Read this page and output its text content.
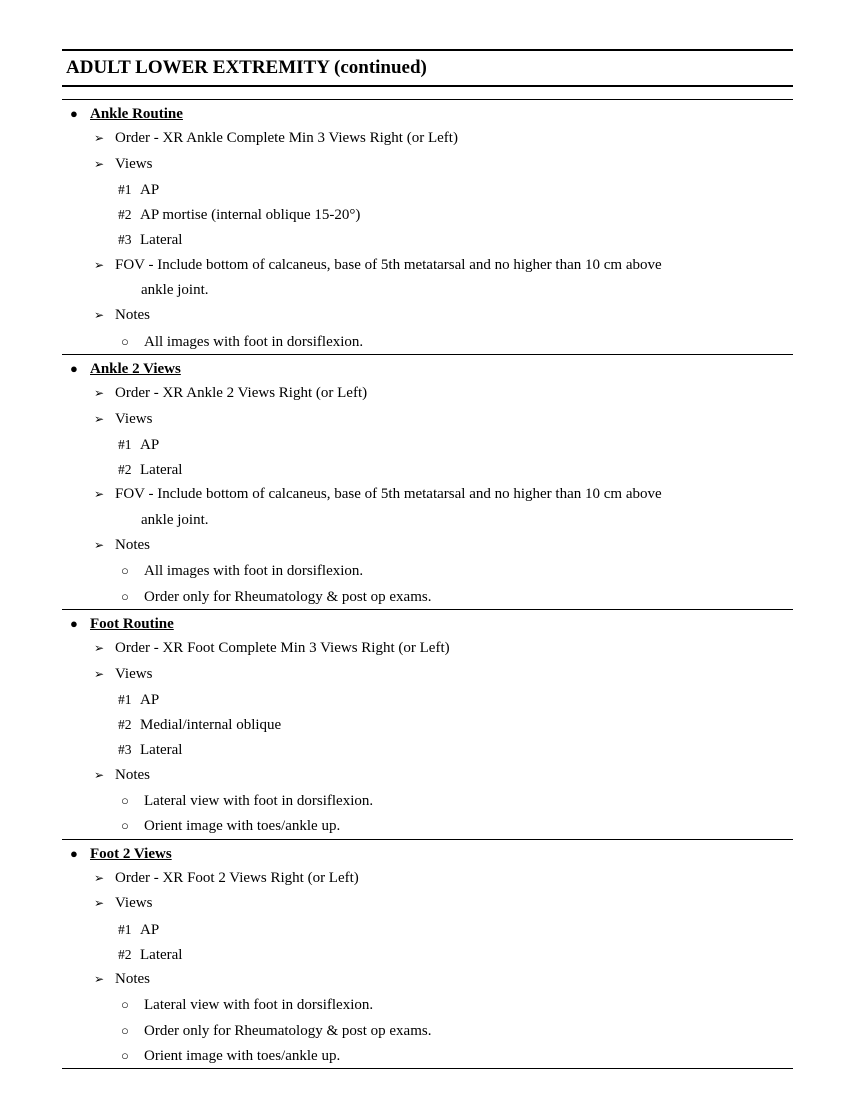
ADULT LOWER EXTREMITY (continued)
● Ankle Routine
➢ Order - XR Ankle Complete Min 3 Views Right (or Left)
➢ Views
#1 AP
#2 AP mortise (internal oblique 15-20°)
#3 Lateral
➢ FOV - Include bottom of calcaneus, base of 5th metatarsal and no higher than 10 cm above
ankle joint.
➢ Notes
○ All images with foot in dorsiflexion.
● Ankle 2 Views
➢ Order - XR Ankle 2 Views Right (or Left)
➢ Views
#1 AP
#2 Lateral
➢ FOV - Include bottom of calcaneus, base of 5th metatarsal and no higher than 10 cm above
ankle joint.
➢ Notes
○ All images with foot in dorsiflexion.
○ Order only for Rheumatology & post op exams.
● Foot Routine
➢ Order - XR Foot Complete Min 3 Views Right (or Left)
➢ Views
#1 AP
#2 Medial/internal oblique
#3 Lateral
➢ Notes
○ Lateral view with foot in dorsiflexion.
○ Orient image with toes/ankle up.
● Foot 2 Views
➢ Order - XR Foot 2 Views Right (or Left)
➢ Views
#1 AP
#2 Lateral
➢ Notes
○ Lateral view with foot in dorsiflexion.
○ Order only for Rheumatology & post op exams.
○ Orient image with toes/ankle up.
